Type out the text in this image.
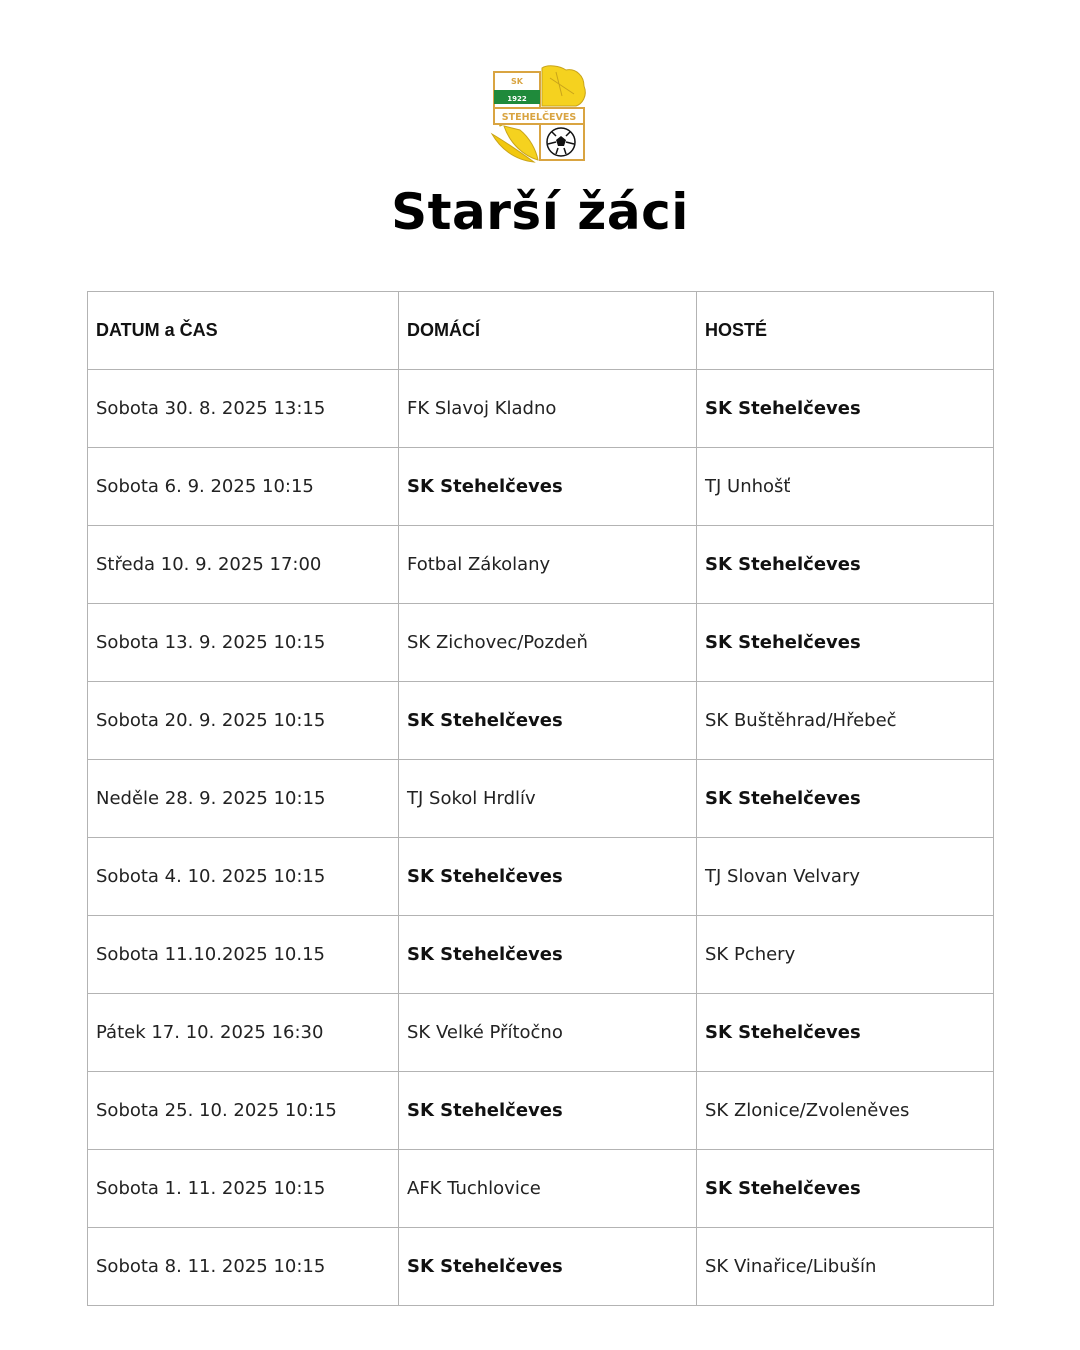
SK
1922
STEHELČEVES
Starší žáci
DATUM a ČAS	DOMÁCÍ	HOSTÉ
Sobota 30. 8. 2025 13:15	FK Slavoj Kladno	SK Stehelčeves
Sobota 6. 9. 2025 10:15	SK Stehelčeves	TJ Unhošť
Středa 10. 9. 2025 17:00	Fotbal Zákolany	SK Stehelčeves
Sobota 13. 9. 2025 10:15	SK Zichovec/Pozdeň	SK Stehelčeves
Sobota 20. 9. 2025 10:15	SK Stehelčeves	SK Buštěhrad/Hřebeč
Neděle 28. 9. 2025 10:15	TJ Sokol Hrdlív	SK Stehelčeves
Sobota 4. 10. 2025 10:15	SK Stehelčeves	TJ Slovan Velvary
Sobota 11.10.2025 10.15	SK Stehelčeves	SK Pchery
Pátek 17. 10. 2025 16:30	SK Velké Přítočno	SK Stehelčeves
Sobota 25. 10. 2025 10:15	SK Stehelčeves	SK Zlonice/Zvoleněves
Sobota 1. 11. 2025 10:15	AFK Tuchlovice	SK Stehelčeves
Sobota 8. 11. 2025 10:15	SK Stehelčeves	SK Vinařice/Libušín
